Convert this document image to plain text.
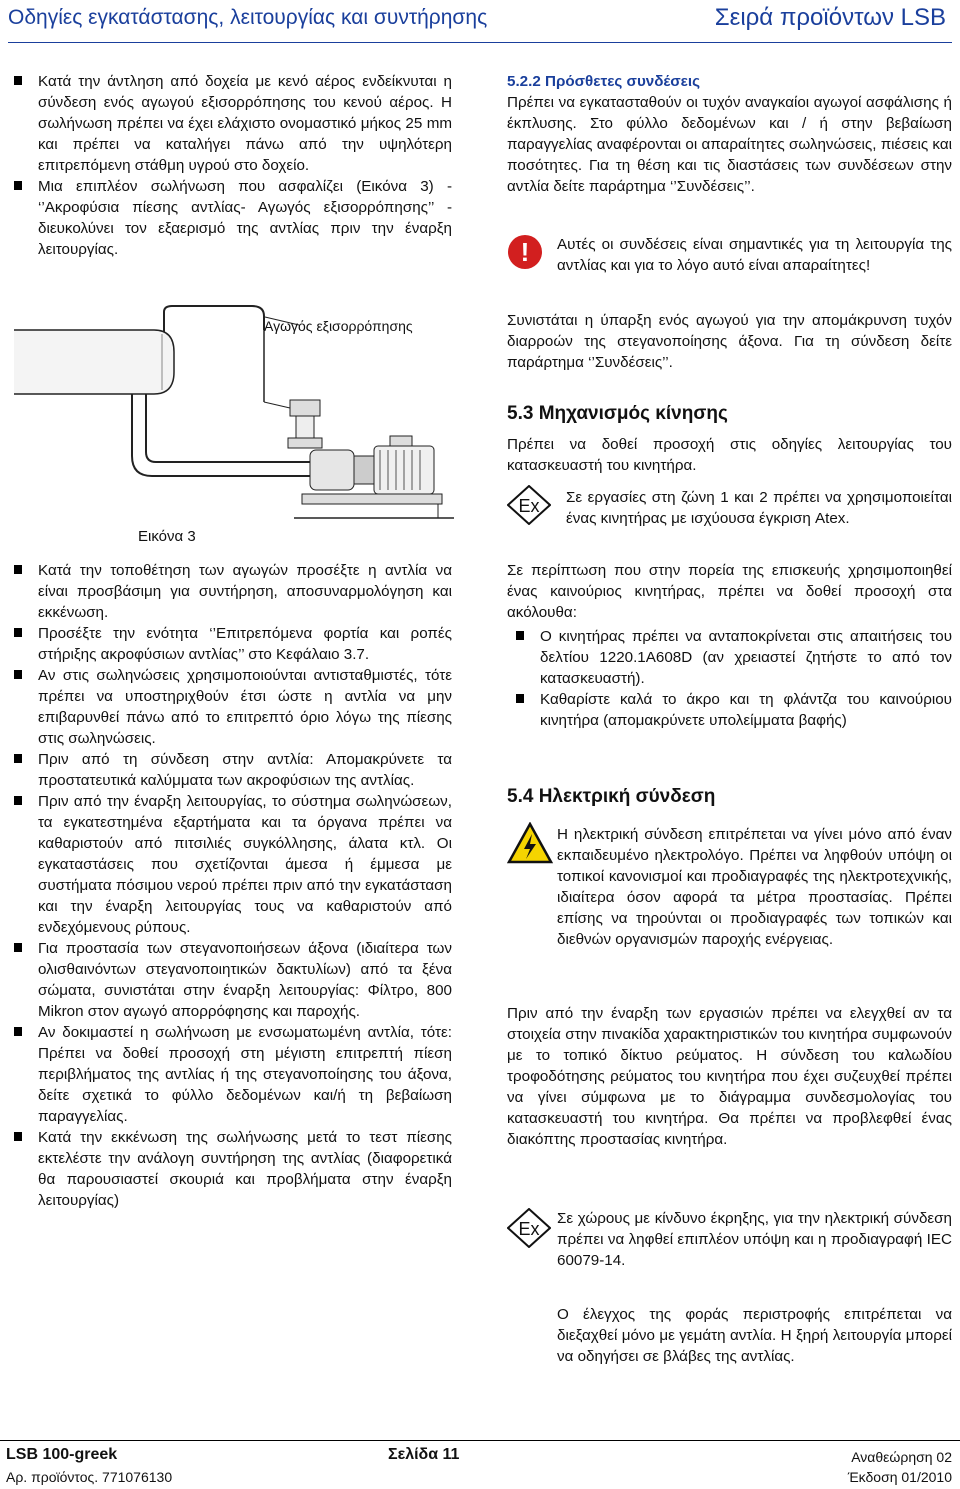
Οδηγίες εγκατάστασης, λειτουργίας και συντήρησης	Σειρά προϊόντων LSB

Κατά την άντληση από δοχεία με κενό αέρος ενδείκνυται η σύνδεση ενός αγωγού εξισορρόπησης του κενού αέρος. Η σωλήνωση πρέπει να έχει ελάχιστο ονομαστικό μήκος 25 mm και πρέπει να καταλήγει πάνω από την υψηλότερη επιτρεπόμενη στάθμη υγρού στο δοχείο.

Μια επιπλέον σωλήνωση που ασφαλίζει (Εικόνα 3) - ‘’Ακροφύσια πίεσης αντλίας- Αγωγός εξισορρόπησης’’ - διευκολύνει τον εξαερισμό της αντλίας πριν την έναρξη λειτουργίας.

Αγωγός εξισορρόπησης
Εικόνα 3

Κατά την τοποθέτηση των αγωγών προσέξτε η αντλία να είναι προσβάσιμη για συντήρηση, αποσυναρμολόγηση και εκκένωση.

Προσέξτε την ενότητα ‘’Επιτρεπόμενα φορτία και ροπές στήριξης ακροφύσιων αντλίας’’ στο Κεφάλαιο 3.7.

Αν στις σωληνώσεις χρησιμοποιούνται αντισταθμιστές, τότε πρέπει να υποστηριχθούν έτσι ώστε η αντλία να μην επιβαρυνθεί πάνω από το επιτρεπτό όριο λόγω της πίεσης στις σωληνώσεις.

Πριν από τη σύνδεση στην αντλία: Απομακρύνετε τα προστατευτικά καλύμματα των ακροφύσιων της αντλίας.

Πριν από την έναρξη λειτουργίας, το σύστημα σωληνώσεων, τα εγκατεστημένα εξαρτήματα και τα όργανα πρέπει να καθαριστούν από πιτσιλιές συγκόλλησης, άλατα κτλ. Οι εγκαταστάσεις που σχετίζονται άμεσα ή έμμεσα με συστήματα πόσιμου νερού πρέπει πριν από την εγκατάσταση και την έναρξη λειτουργίας τους να καθαριστούν από ενδεχόμενους ρύπους.

Για προστασία των στεγανοποιήσεων άξονα (ιδιαίτερα των ολισθαινόντων στεγανοποιητικών δακτυλίων) από τα ξένα σώματα, συνιστάται στην έναρξη λειτουργίας: Φίλτρο, 800 Mikron στον αγωγό απορρόφησης και παροχής.

Αν δοκιμαστεί η σωλήνωση με ενσωματωμένη αντλία, τότε: Πρέπει να δοθεί προσοχή στη μέγιστη επιτρεπτή πίεση περιβλήματος της αντλίας ή της στεγανοποίησης του άξονα, δείτε σχετικά το φύλλο δεδομένων και/ή τη βεβαίωση παραγγελίας.

Κατά την εκκένωση της σωλήνωσης μετά το τεστ πίεσης εκτελέστε την ανάλογη συντήρηση της αντλίας (διαφορετικά θα παρουσιαστεί σκουριά και προβλήματα στην έναρξη λειτουργίας)

5.2.2 Πρόσθετες συνδέσεις

Πρέπει να εγκατασταθούν οι τυχόν αναγκαίοι αγωγοί ασφάλισης ή έκπλυσης. Στο φύλλο δεδομένων και / ή στην βεβαίωση παραγγελίας αναφέρονται οι απαραίτητες σωληνώσεις, πιέσεις και ποσότητες. Για τη θέση και τις διαστάσεις των συνδέσεων στην αντλία δείτε παράρτημα ‘’Συνδέσεις’’.

! Αυτές οι συνδέσεις είναι σημαντικές για τη λειτουργία της αντλίας και για το λόγο αυτό είναι απαραίτητες!
Συνιστάται η ύπαρξη ενός αγωγού για την απομάκρυνση τυχόν διαρροών της στεγανοποίησης άξονα. Για τη σύνδεση δείτε παράρτημα ‘’Συνδέσεις’’.
5.3 Μηχανισμός κίνησης
Πρέπει να δοθεί προσοχή στις οδηγίες λειτουργίας του κατασκευαστή του κινητήρα.
Ex Σε εργασίες στη ζώνη 1 και 2 πρέπει να χρησιμοποιείται ένας κινητήρας με ισχύουσα έγκριση Atex.
Σε περίπτωση που στην πορεία της επισκευής χρησιμοποιηθεί ένας καινούριος κινητήρας, πρέπει να δοθεί προσοχή στα ακόλουθα:

Ο κινητήρας πρέπει να ανταποκρίνεται στις απαιτήσεις του δελτίου 1220.1A608D (αν χρειαστεί ζητήστε το από τον κατασκευαστή).

Καθαρίστε καλά το άκρο και τη φλάντζα του καινούριου κινητήρα (απομακρύνετε υπολείμματα βαφής)

5.4 Ηλεκτρική σύνδεση
Η ηλεκτρική σύνδεση επιτρέπεται να γίνει μόνο από έναν εκπαιδευμένο ηλεκτρολόγο. Πρέπει να ληφθούν υπόψη οι τοπικοί κανονισμοί και προδιαγραφές της ηλεκτροτεχνικής, ιδιαίτερα όσον αφορά τα μέτρα προστασίας. Πρέπει επίσης να τηρούνται οι προδιαγραφές των τοπικών και διεθνών οργανισμών παροχής ενέργειας.
Πριν από την έναρξη των εργασιών πρέπει να ελεγχθεί αν τα στοιχεία στην πινακίδα χαρακτηριστικών του κινητήρα συμφωνούν με το τοπικό δίκτυο ρεύματος. Η σύνδεση του καλωδίου τροφοδότησης ρεύματος του κινητήρα που έχει συζευχθεί πρέπει να γίνει σύμφωνα με το διάγραμμα συνδεσμολογίας του κατασκευαστή του κινητήρα. Θα πρέπει να προβλεφθεί ένας διακόπτης προστασίας κινητήρα.
Ex
Σε χώρους με κίνδυνο έκρηξης, για την ηλεκτρική σύνδεση πρέπει να ληφθεί επιπλέον υπόψη και η προδιαγραφή IEC 60079-14.
Ο έλεγχος της φοράς περιστροφής επιτρέπεται να διεξαχθεί μόνο με γεμάτη αντλία. Η ξηρή λειτουργία μπορεί να οδηγήσει σε βλάβες της αντλίας.
LSB 100-greek	Σελίδα 11	Αναθεώρηση 02
Αρ. προϊόντος. 771076130	Έκδοση 01/2010
